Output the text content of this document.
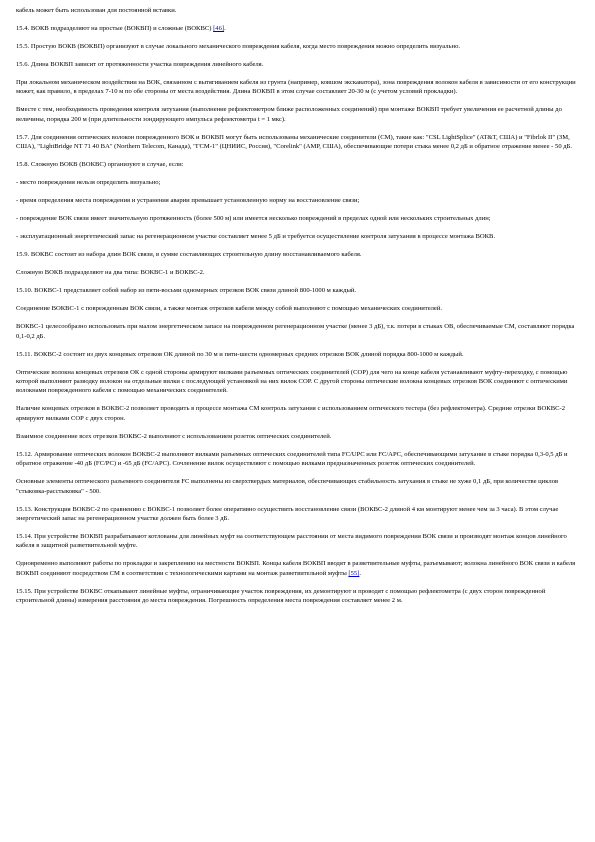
кабель может быть использован для постоянной вставки.

15.4. ВОКВ подразделяют на простые (ВОКВП) и сложные (ВОКВС) [46].

15.5. Простую ВОКВ (ВОКВП) организуют в случае локального механического повреждения кабеля, когда место повреждения можно определить визуально.

15.6. Длина ВОКВП зависит от протяженности участка повреждения линейного кабеля.

При локальном механическом воздействии на ВОК, связанном с вытягиванием кабеля из грунта (например, ковшом экскаватора), зона повреждения волокон кабеля в зависимости от его конструкции может, как правило, в пределах 7-10 м по обе стороны от места воздействия. Длина ВОКВП в этом случае составляет 20-30 м (с учетом условий прокладки).

Вместе с тем, необходимость проведения контроля затухания (выполнение рефлектометром ближе расположенных соединений) при монтаже ВОКВП требует увеличения ее расчетной длины до величины, порядка 200 м (при длительности зондирующего импульса рефлектометра t = 1 мкс).

15.7. Для соединения оптических волокон поврежденного ВОК и ВОКВП могут быть использованы механические соединители (СМ), такие как: "CSL LightSplice" (AT&T, США) и "Fibrlok II" (ЗМ, США), "LightBridge NT 71 40 BA" (Northern Telecom, Канада), "ГСМ-1" (ЦНИИС, Россия), "Corelink" (AMP, США), обеспечивающие потери стыка менее 0,2 дБ и обратное отражение менее - 50 дБ.

15.8. Сложную ВОКВ (ВОКВС) организуют в случае, если:

- место повреждения нельзя определить визуально;

- время определения места повреждения и устранения аварии превышает установленную норму на восстановление связи;

- повреждение ВОК связи имеет значительную протяженность (более 500 м) или имеется несколько повреждений в пределах одной или нескольких строительных длин;

- эксплуатационный энергетический запас на регенерационном участке составляет менее 5 дБ и требуется осуществление контроля затухания в процессе монтажа ВОКВ.

15.9. ВОКВС состоит из набора длин ВОК связи, в сумме составляющих строительную длину восстанавливаемого кабеля.

Сложную ВОКВ подразделяют на два типа: ВОКВС-1 и ВОКВС-2.

15.10. ВОКВС-1 представляет собой набор из пяти-восьми одномерных отрезков ВОК связи длиной 800-1000 м каждый.

Соединение ВОКВС-1 с поврежденным ВОК связи, а также монтаж отрезков кабеля между собой выполняют с помощью механических соединителей.

ВОКВС-1 целесообразно использовать при малом энергетическом запасе на поврежденном регенерационном участке (менее 3 дБ), т.к. потери в стыках ОВ, обеспечиваемые СМ, составляют порядка 0,1-0,2 дБ.

15.11. ВОКВС-2 состоит из двух концевых отрезков ОК длиной по 30 м и пяти-шести одномерных средних отрезков ВОК длиной порядка 800-1000 м каждый.

Оптические волокна концевых отрезков ОК с одной стороны армируют вилками разъемных оптических соединителей (СОР) для чего на конце кабеля устанавливают муфту-переходку, с помощью которой выполняют разводку волокон на отдельные вилки с последующей установкой на них вилок СОР. С другой стороны оптические волокна концевых отрезков ВОК соединяют с оптическими волокнами поврежденного кабеля с помощью механических соединителей.

Наличие концевых отрезков в ВОКВС-2 позволяет проводить в процессе монтажа СМ контроль затухания с использованием оптического тестера (без рефлектометра). Средние отрезки ВОКВС-2 армируют вилками СОР с двух сторон.

Взаимное соединение всех отрезков ВОКВС-2 выполняют с использованием розеток оптических соединителей.

15.12. Армирование оптических волокон ВОКВС-2 выполняют вилками разъемных оптических соединителей типа FC/UPC или FC/APC, обеспечивающими затухание в стыке порядка 0,3-0,5 дБ и обратное отражение -40 дБ (FC/PC) и -65 дБ (FC/APC). Сочленение вилок осуществляют с помощью вилками предназначенных розеток оптических соединителей.

Основные элементы оптического разъемного соединителя FC выполнены из сверхтвердых материалов, обеспечивающих стабильность затухания в стыке не хуже 0,1 дБ, при количестве циклов "стыковка-расстыковка" - 500.

15.13. Конструкция ВОКВС-2 по сравнению с ВОКВС-1 позволяет более оперативно осуществить восстановление связи (ВОКВС-2 длиной 4 км монтируют менее чем за 3 часа). В этом случае энергетический запас на регенерационном участке должен быть более 3 дБ.

15.14. При устройстве ВОКВП разрабатывают котлованы для линейных муфт на соответствующем расстоянии от места видимого повреждения ВОК связи и производят монтаж концов линейного кабеля в защитной разветвительной муфте.

Одновременно выполняют работы по прокладке и закреплению на местности ВОКВП. Концы кабеля ВОКВП вводят в разветвительные муфты, разъемывают; волокна линейного ВОК связи и кабеля ВОКВП соединяют посредством СМ в соответствии с технологическими картами на монтаж разветвительной муфты [55].

15.15. При устройстве ВОКВС откапывают линейные муфты, ограничивающие участок повреждения, их демонтируют и проводят с помощью рефлектометра (с двух сторон поврежденной строительной длины) измерения расстояния до места повреждения. Погрешность определения места повреждения составляет менее 2 м.
